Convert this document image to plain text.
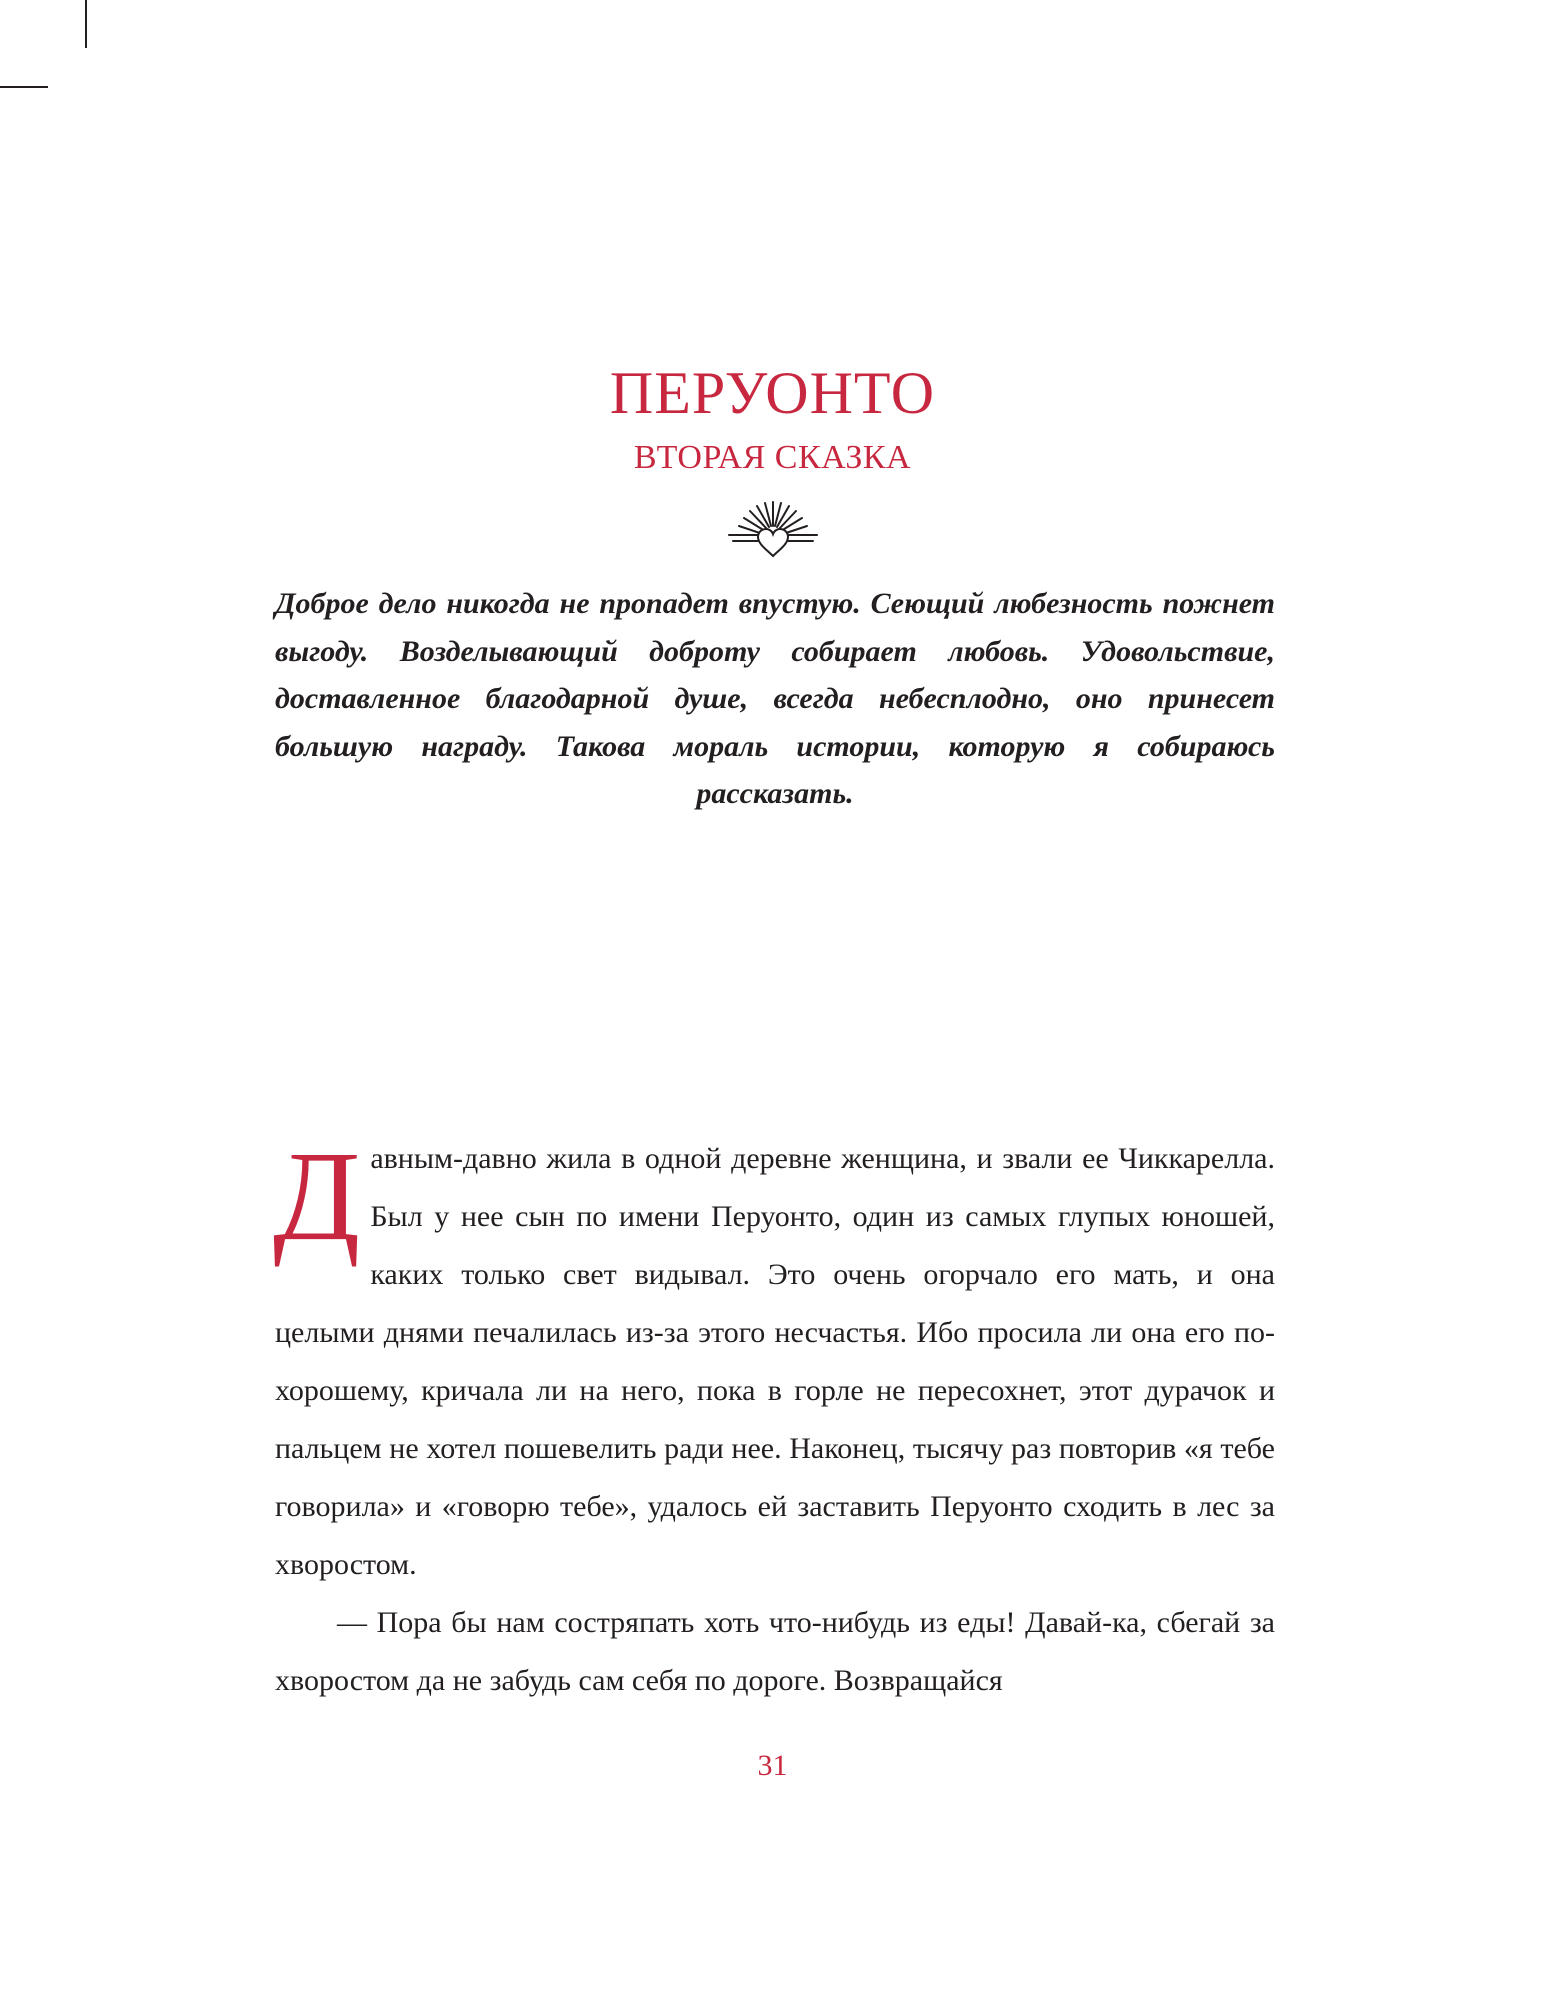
ПЕРУОНТО
ВТОРАЯ СКАЗКА
Доброе дело никогда не пропадет впустую. Сеющий любезность пожнет выгоду. Возделывающий доброту собирает любовь. Удовольствие, доставленное благодарной душе, всегда небесплодно, оно принесет большую награду. Такова мораль истории, которую я собираюсь рассказать.

Давным-давно жила в одной деревне женщина, и звали ее Чиккарелла. Был у нее сын по имени Перуонто, один из самых глупых юношей, каких только свет видывал. Это очень огорчало его мать, и она целыми днями печалилась из-за этого несчастья. Ибо просила ли она его по-хорошему, кричала ли на него, пока в горле не пересохнет, этот дурачок и пальцем не хотел пошевелить ради нее. Наконец, тысячу раз повторив «я тебе говорила» и «говорю тебе», удалось ей заставить Перуонто сходить в лес за хворостом.

— Пора бы нам состряпать хоть что-нибудь из еды! Давай-ка, сбегай за хворостом да не забудь сам себя по дороге. Возвращайся

31
